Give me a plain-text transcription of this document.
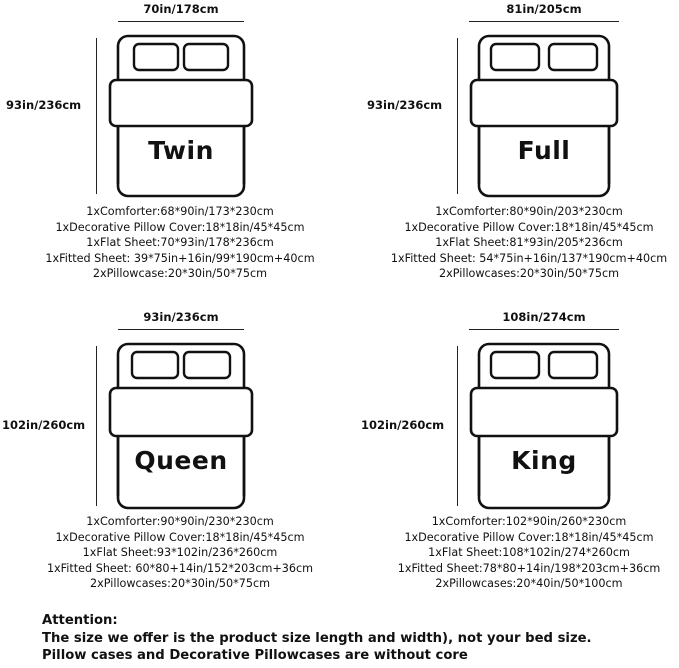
70in/178cm
93in/236cm
Twin
1xComforter:68*90in/173*230cm
1xDecorative Pillow Cover:18*18in/45*45cm
1xFlat Sheet:70*93in/178*236cm
1xFitted Sheet: 39*75in+16in/99*190cm+40cm
2xPillowcase:20*30in/50*75cm
81in/205cm
93in/236cm
Full
1xComforter:80*90in/203*230cm
1xDecorative Pillow Cover:18*18in/45*45cm
1xFlat Sheet:81*93in/205*236cm
1xFitted Sheet: 54*75in+16in/137*190cm+40cm
2xPillowcases:20*30in/50*75cm
93in/236cm
102in/260cm
Queen
1xComforter:90*90in/230*230cm
1xDecorative Pillow Cover:18*18in/45*45cm
1xFlat Sheet:93*102in/236*260cm
1xFitted Sheet: 60*80+14in/152*203cm+36cm
2xPillowcases:20*30in/50*75cm
108in/274cm
102in/260cm
King
1xComforter:102*90in/260*230cm
1xDecorative Pillow Cover:18*18in/45*45cm
1xFlat Sheet:108*102in/274*260cm
1xFitted Sheet:78*80+14in/198*203cm+36cm
2xPillowcases:20*40in/50*100cm
Attention:
The size we offer is the product size length and width), not your bed size.
Pillow cases and Decorative Pillowcases are without core
